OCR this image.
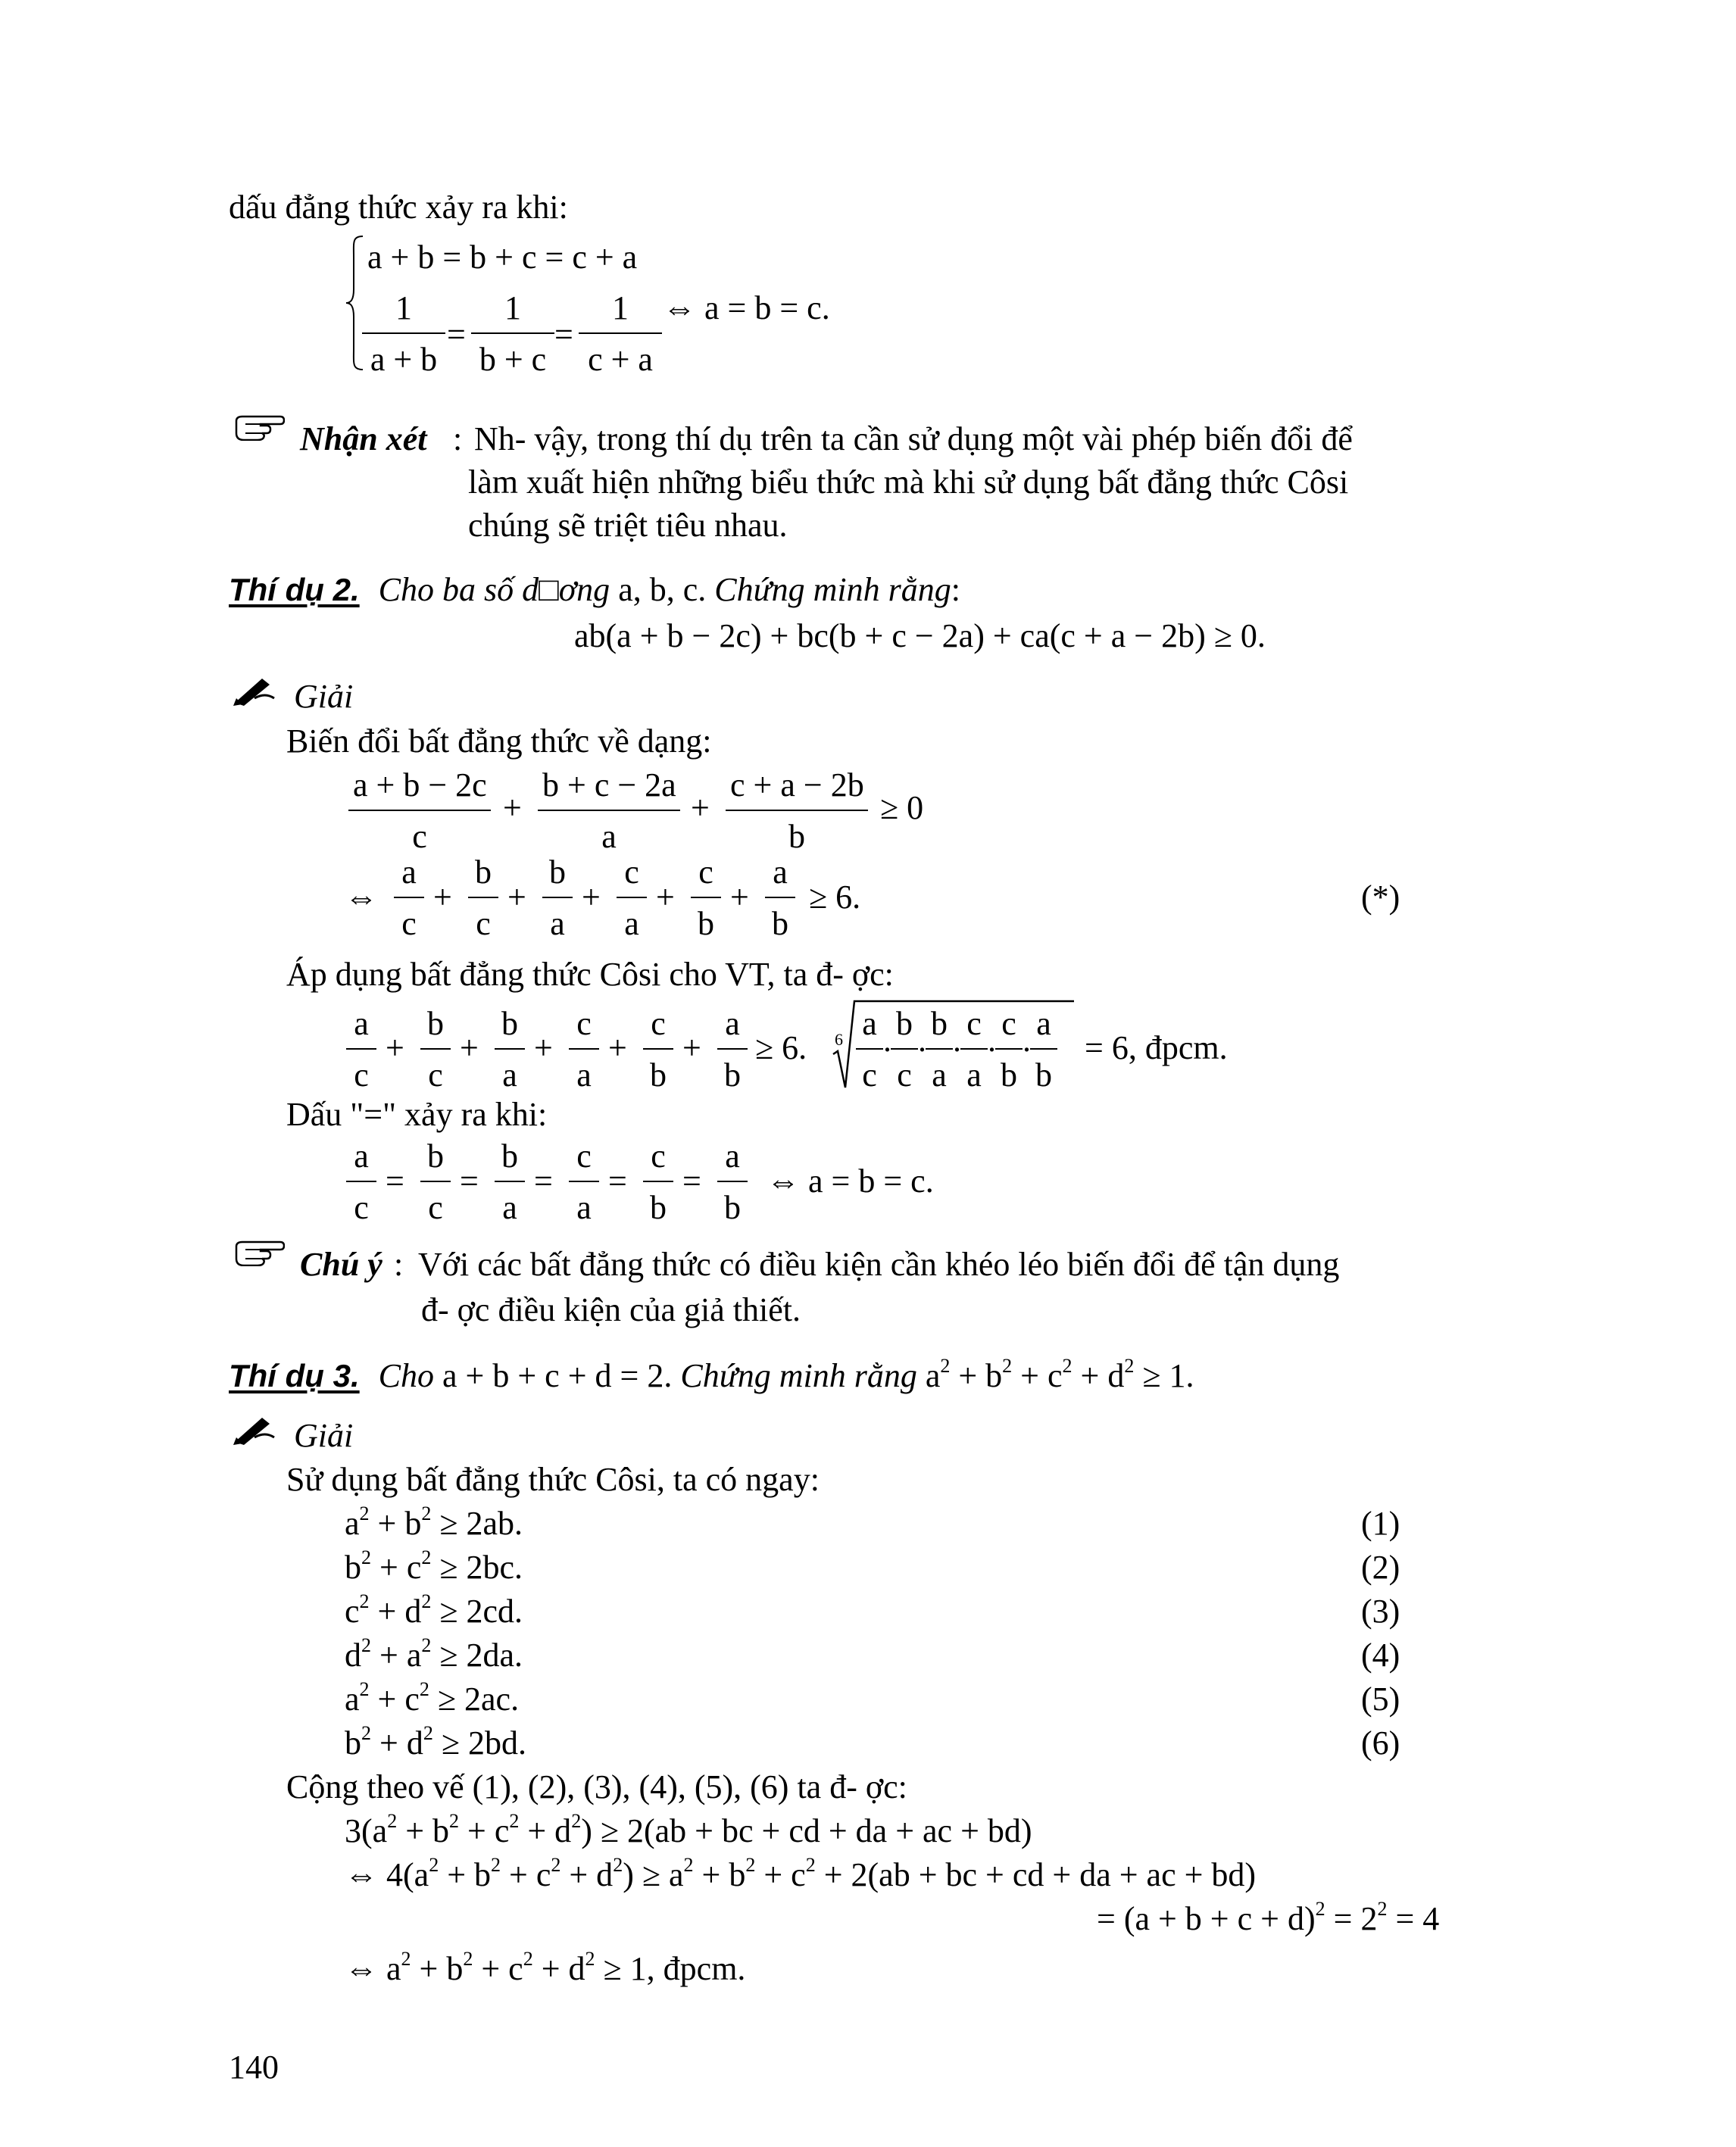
dấu đẳng thức xảy ra khi:
a + b = b + c = c + a
$\frac{1}{a + b} = \frac{1}{b + c} = \frac{1}{c + a}$ ⇔ a = b = c.
Nhận xét : Nh- vậy, trong thí dụ trên ta cần sử dụng một vài phép biến đổi để
làm xuất hiện những biểu thức mà khi sử dụng bất đẳng thức Côsi
chúng sẽ triệt tiêu nhau.
Thí dụ 2. Cho ba số d□ơng a, b, c. Chứng minh rằng:
ab(a + b − 2c) + bc(b + c − 2a) + ca(c + a − 2b) ≥ 0.
Giải
Biến đổi bất đẳng thức về dạng:
$\frac{a + b - 2c}{c} + \frac{b + c - 2a}{a} + \frac{c + a - 2b}{b} \ge 0$
⇔ $\frac{a}{c} + \frac{b}{c} + \frac{b}{a} + \frac{c}{a} + \frac{c}{b} + \frac{a}{b} \ge 6$.	(*)
Áp dụng bất đẳng thức Côsi cho VT, ta đ- ợc:
$\frac{a}{c} + \frac{b}{c} + \frac{b}{a} + \frac{c}{a} + \frac{c}{b} + \frac{a}{b} \ge 6$. $6 \frac{a}{c}$ . $\frac{b}{c}$ . $\frac{b}{a}$ . $\frac{c}{a}$ . $\frac{c}{b}$ . $\frac{a}{b} = 6$, đpcm.
Dấu "=" xảy ra khi:
$\frac{a}{c} = \frac{b}{c} = \frac{b}{a} = \frac{c}{a} = \frac{c}{b} = \frac{a}{b}$ ⇔ a = b = c.
Chú ý : Với các bất đẳng thức có điều kiện cần khéo léo biến đổi để tận dụng
đ- ợc điều kiện của giả thiết.
Thí dụ 3. Cho a + b + c + d = 2. Chứng minh rằng $a^2 + b^2 + c^2 + d^2 \ge 1$.
Giải
Sử dụng bất đẳng thức Côsi, ta có ngay:
$a^2 + b^2 \ge 2ab$.
$b^2 + c^2 \ge 2bc$.
$c^2 + d^2 \ge 2cd$.
$d^2 + a^2 \ge 2da$.
$a^2 + c^2 \ge 2ac$.
$b^2 + d^2 \ge 2bd$.
(1)
(2)
(3)
(4)
(5)
(6)
Cộng theo vế (1), (2), (3), (4), (5), (6) ta đ- ợc:
$3(a^2 + b^2 + c^2 + d^2) \ge 2(ab$ + bc + cd + da + ac + bd)
⇔ $4(a^2 + b^2 + c^2 + d^2) \ge a^2 + b^2 + c^2 + 2(ab$ + bc + cd + da + ac + bd)
= $(a + b + c + d)^2 = 2^2 = 4$
⇔ $a^2 + b^2 + c^2 + d^2 \ge 1$, đpcm.
140
